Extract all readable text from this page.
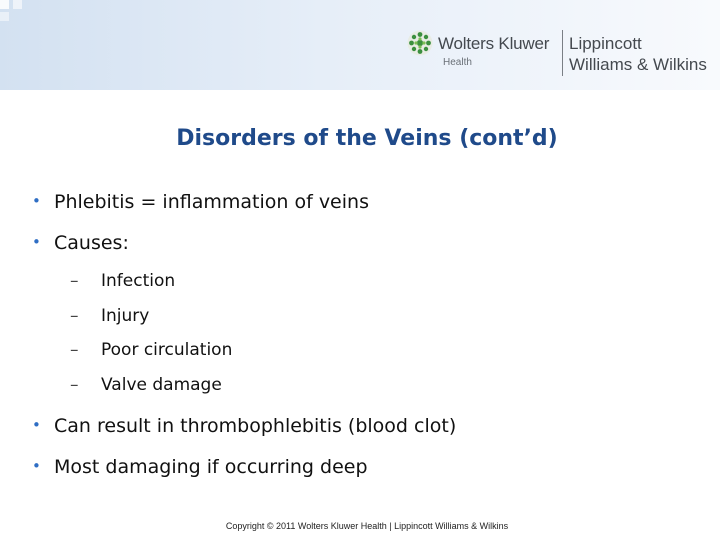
Wolters Kluwer
Health
Lippincott
Williams & Wilkins
Disorders of the Veins (cont’d)
• Phlebitis = inflammation of veins
• Causes:
– Infection
– Injury
– Poor circulation
– Valve damage
• Can result in thrombophlebitis (blood clot)
• Most damaging if occurring deep
Copyright © 2011 Wolters Kluwer Health | Lippincott Williams & Wilkins
